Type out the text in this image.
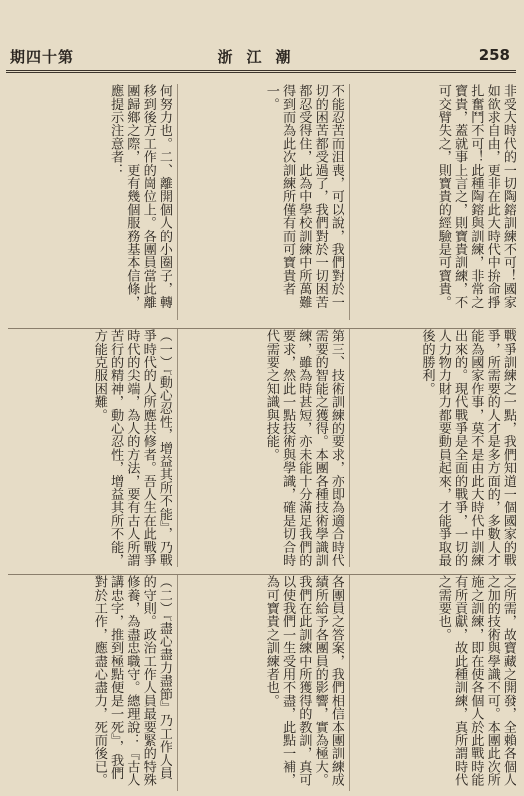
期四十第	浙江潮	258
非受大時代的一切陶鎔訓練不可！國家如欲求自由，更非在此大時代中拚命掙扎奮鬥不可！此種陶鎔與訓練，非常之寶貴，蓋就事上言之，則寶貴訓練，不可交臂失之，則寶貴的經驗是可寶貴。
不能忍苦而沮喪，可以說，我們對於一切的困苦都受過了，我們對於一切困苦都忍受得住，此為中學校訓練中所萬難得到而為此次訓練所僅有而可寶貴者一。
何努力也。二、離開個人的小圈子，轉移到後方工作的崗位上。各團員當此離團歸鄉之際，更有幾個服務基本信條，應提示注意者：
戰爭訓練之一點，我們知道一個國家的戰爭，所需要的人才是多方面的，多數人才能為國家作事，莫不是由此大時代中訓練出來的。現代戰爭是全面的戰爭，一切的人力物力財力都要動員起來，才能爭取最後的勝利。
第三、技術訓練的要求，亦即為適合時代需要的智能之獲得。本團各種技術學識訓練，雖為時甚短，亦未能十分滿足我們的要求，然此一點技術與學識，確是切合時代需要之知識與技能。
（一）『動心忍性，增益其所不能』，乃戰爭時代的人所應共修者。吾人生在此戰爭時代的尖端，為人的方法，要有古人所謂苦行的精神，動心忍性，增益其所不能，方能克服困難。
之所需，故寶藏之開發，全賴各個人之加的技術與學識不可。本團此次所施之訓練，即在使各個人於此戰時能有所貢獻，故此種訓練，真所謂時代之需要也。
各團員之答案，我們相信本團訓練成績所給予各團員的影響，實為極大。我們在此訓練中所獲得的教訓，真可以使我們一生受用不盡，此點一補，為可寶貴之訓練者也。
（二）『盡心盡力盡節』乃工作人員的守則。政治工作人員最要緊的特殊修養，為盡忠職守。總理說：『古人講忠字，推到極點便是一死』，我們對於工作，應盡心盡力，死而後已。
